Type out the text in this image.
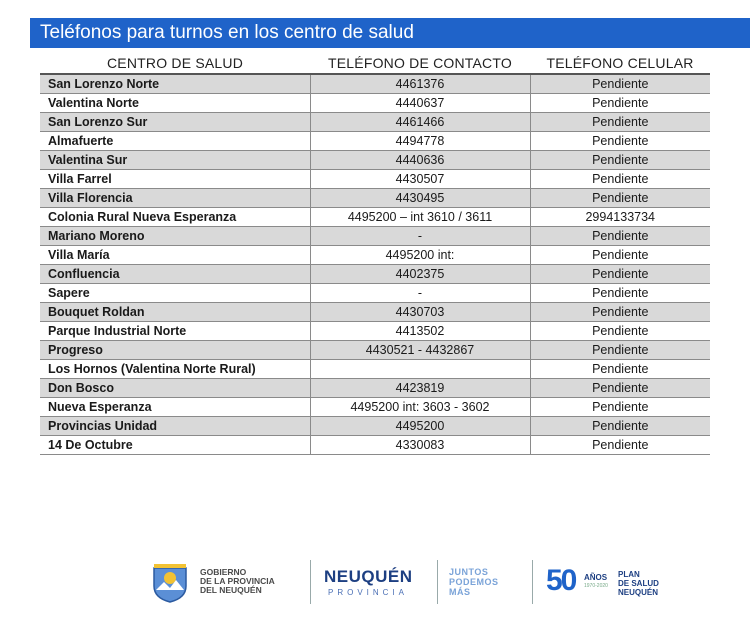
Teléfonos para turnos en los centro de salud
CENTRO DE SALUD	TELÉFONO DE CONTACTO	TELÉFONO CELULAR
San Lorenzo Norte	4461376	Pendiente
Valentina Norte	4440637	Pendiente
San Lorenzo Sur	4461466	Pendiente
Almafuerte	4494778	Pendiente
Valentina Sur	4440636	Pendiente
Villa Farrel	4430507	Pendiente
Villa Florencia	4430495	Pendiente
Colonia Rural Nueva Esperanza	4495200 – int 3610 / 3611	2994133734
Mariano Moreno	-	Pendiente
Villa María	4495200 int:	Pendiente
Confluencia	4402375	Pendiente
Sapere	-	Pendiente
Bouquet Roldan	4430703	Pendiente
Parque Industrial Norte	4413502	Pendiente
Progreso	4430521 - 4432867	Pendiente
Los Hornos (Valentina Norte Rural)		Pendiente
Don Bosco	4423819	Pendiente
Nueva Esperanza	4495200 int: 3603 - 3602	Pendiente
Provincias Unidad	4495200	Pendiente
14 De Octubre	4330083	Pendiente
GOBIERNO
DE LA PROVINCIA
DEL NEUQUÉN
NEUQUÉN
PROVINCIA
JUNTOS
PODEMOS
MÁS	50 AÑOS
1970-2020
PLAN
DE SALUD
NEUQUÉN
